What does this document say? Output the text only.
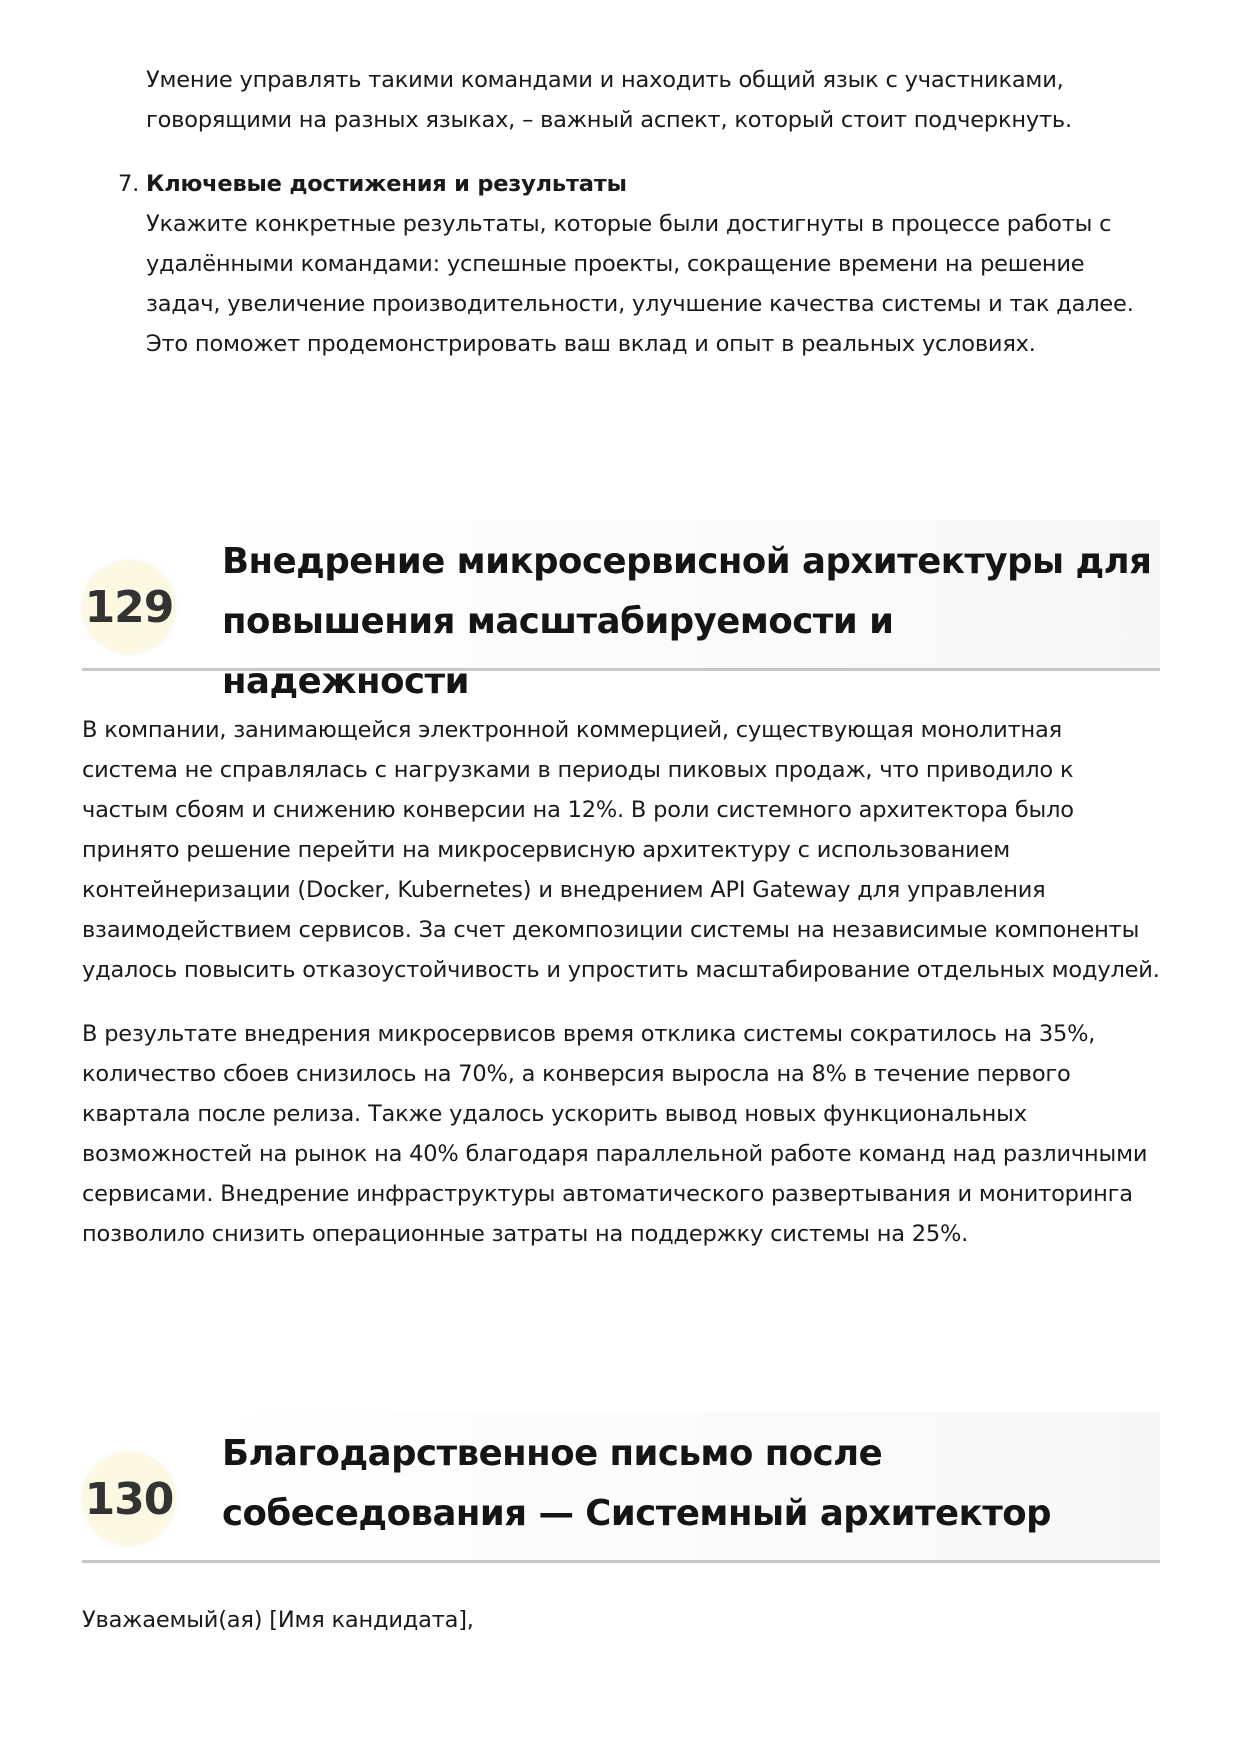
Умение управлять такими командами и находить общий язык с участниками, говорящими на разных языках, – важный аспект, который стоит подчеркнуть.

7. Ключевые достижения и результаты

Укажите конкретные результаты, которые были достигнуты в процессе работы с удалёнными командами: успешные проекты, сокращение времени на решение задач, увеличение производительности, улучшение качества системы и так далее. Это поможет продемонстрировать ваш вклад и опыт в реальных условиях.

129
Внедрение микросервисной архитектуры для повышения масштабируемости и надежности

В компании, занимающейся электронной коммерцией, существующая монолитная система не справлялась с нагрузками в периоды пиковых продаж, что приводило к частым сбоям и снижению конверсии на 12%. В роли системного архитектора было принято решение перейти на микросервисную архитектуру с использованием контейнеризации (Docker, Kubernetes) и внедрением API Gateway для управления взаимодействием сервисов. За счет декомпозиции системы на независимые компоненты удалось повысить отказоустойчивость и упростить масштабирование отдельных модулей.

В результате внедрения микросервисов время отклика системы сократилось на 35%, количество сбоев снизилось на 70%, а конверсия выросла на 8% в течение первого квартала после релиза. Также удалось ускорить вывод новых функциональных возможностей на рынок на 40% благодаря параллельной работе команд над различными сервисами. Внедрение инфраструктуры автоматического развертывания и мониторинга позволило снизить операционные затраты на поддержку системы на 25%.

130
Благодарственное письмо после собеседования — Системный архитектор

Уважаемый(ая) [Имя кандидата],
